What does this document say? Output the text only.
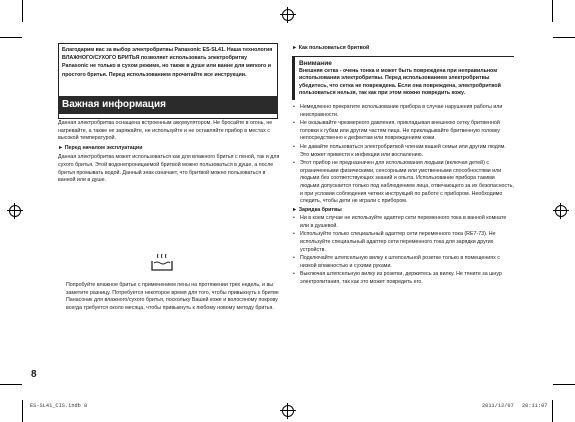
Благодарим вас за выбор электробритвы Panasonic ES-SL41. Наша технология ВЛАЖНОГО/СУХОГО БРИТЬЯ позволяет использовать электробритву Panasonic не только в сухом режиме, но также в душе или ванне для мягкого и простого бритья. Перед использованием прочитайте все инструкции.
Важная информация
Русский

Данная электробритва оснащена встроенным аккумулятором. Не бросайте в огонь, не нагревайте, а также не заряжайте, не используйте и не оставляйте прибор в местах с высокой температурой.

► Перед началом эксплуатации

Данная электробритва может использоваться как для влажного бритья с пеной, так и для сухого бритья. Этой водонепроницаемой бритвой можно пользоваться в душе, а после бритья промывать водой. Данный знак означает, что бритвой можно пользоваться в ванной или в душе.

Попробуйте влажное бритье с применением пены на протяжении трех недель, и вы заметите разницу. Потребуется некоторое время для того, чтобы привыкнуть к бритве Панасоник для влажного/сухого бритья, поскольку Вашей коже и волосяному покрову всегда требуется около месяца, чтобы привыкнуть к любому новому методу бритья.
8
► Как пользоваться бритвой
Внимание
Внешняя сетка - очень тонка и может быть повреждена при неправильном использовании электробритвы. Перед использованием электробритвы убедитесь, что сетка не повреждена. Если она повреждена, электробритвой пользоваться нельзя, так как при этом можно повредить кожу.
• Немедленно прекратите использование прибора в случае нарушения работы или неисправности.
• Не оказывайте чрезмерного давления, прикладывая внешнюю сетку бритвенной головки к губам или другим частям лица. Не прикладывайте бритвенную головку непосредственно к дефектам или повреждениям кожи.
• Не давайте пользоваться электробритвой членам вашей семьи или другим людям. Это может привести к инфекции или воспалению.
• Этот прибор не предназначен для использования людьми (включая детей) с ограниченными физическими, сенсорными или умственными способностями или людьми без соответствующих знаний и опыта. Использование прибора такими людьми допускается только под наблюдением лица, отвечающего за их безопасность, и при условии соблюдения четких инструкций по работе с прибором. Необходимо следить, чтобы дети не играли с прибором.
► Зарядка бритвы
• Ни в коем случае не используйте адаптер сети переменного тока в ванной комнате или в душевой.
• Используйте только специальный адаптер сети переменного тока (RE7-73). Не используйте специальный адаптер сети переменного тока для зарядки других устройств.
• Подключайте штепсельную вилку к штепсельной розетке только в помещениях с низкой влажностью и сухими руками.
• Выключая штепсельную вилку из розетки, держитесь за вилку. Не тяните за шнур электропитания, так как это может повредить его.
ES-SL41_CIS.indb 8	2011/12/07 20:11:07
